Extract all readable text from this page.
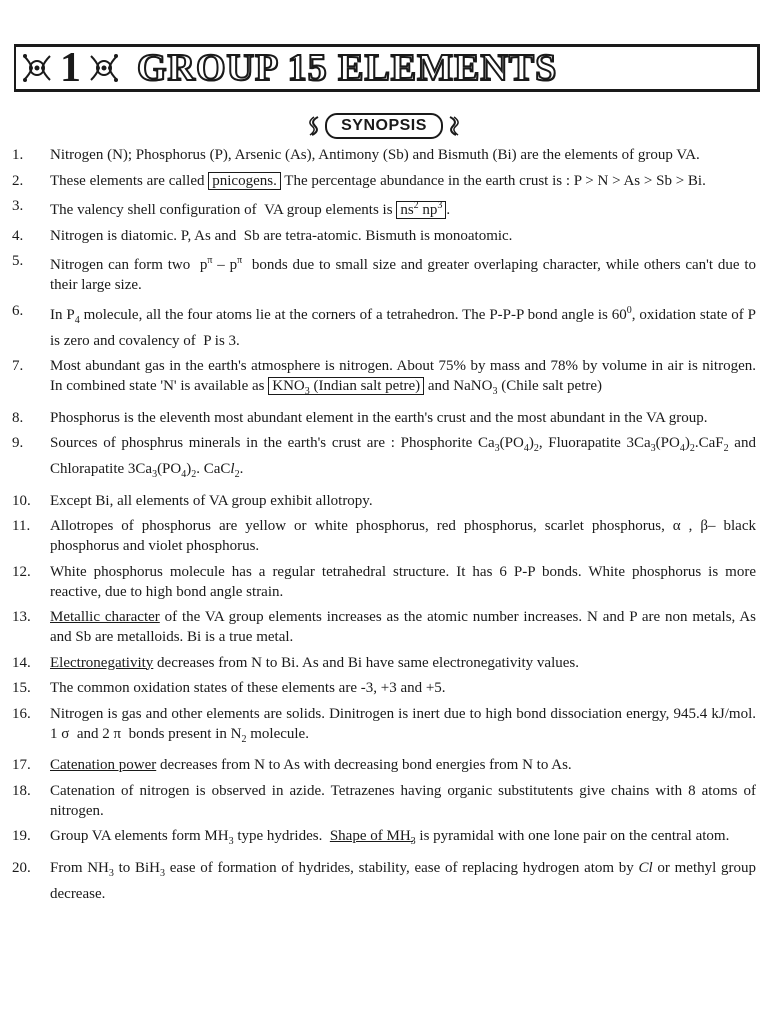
1 GROUP 15 ELEMENTS
SYNOPSIS
1.	Nitrogen (N); Phosphorus (P), Arsenic (As), Antimony (Sb) and Bismuth (Bi) are the elements of group VA.
2.	These elements are called pnicogens. The percentage abundance in the earth crust is : P > N > As > Sb > Bi.
3.	The valency shell configuration of  VA group elements is $ns^2$ $np^3$ .
4.	Nitrogen is diatomic. P, As and  Sb are tetra-atomic. Bismuth is monoatomic.
5.	Nitrogen can form two  $p^\pi - p^\pi$  bonds due to small size and greater overlaping character, while others can't due to their large size.
6.	In $P_4$ molecule, all the four atoms lie at the corners of a tetrahedron. The P-P-P bond angle is $60^0$, oxidation state of P is zero and covalency of  P is 3.
7.	Most abundant gas in the earth's atmosphere is nitrogen. About 75% by mass and 78% by volume in air is nitrogen. In combined state 'N' is available as $KNO_3$ (Indian salt petre) and NaNO$_3$ (Chile salt petre)
8.	Phosphorus is the eleventh most abundant element in the earth's crust and the most abundant in the VA group.
9.	Sources of phosphrus minerals in the earth's crust are : Phosphorite $Ca_3(PO_4)_2$, Fluorapatite $3Ca_3(PO_4)_2.CaF_2$ and Chlorapatite $3Ca_3(PO_4)_2$. CaCl$_2$.
10.	Except Bi, all elements of VA group exhibit allotropy.
11.	Allotropes of phosphorus are yellow or white phosphorus, red phosphorus, scarlet phosphorus, α , β– black phosphorus and violet phosphorus.
12.	White phosphorus molecule has a regular tetrahedral structure. It has 6 P-P bonds. White phosphorus is more reactive, due to high bond angle strain.
13.	Metallic character of the VA group elements increases as the atomic number increases. N and P are non metals, As and Sb are metalloids. Bi is a true metal.
14.	Electronegativity decreases from N to Bi. As and Bi have same electronegativity values.
15.	The common oxidation states of these elements are -3, +3 and +5.
16.	Nitrogen is gas and other elements are solids. Dinitrogen is inert due to high bond dissociation energy, 945.4 kJ/mol. 1 σ  and 2 π  bonds present in $N_2$ molecule.
17.	Catenation power decreases from N to As with decreasing bond energies from N to As.
18.	Catenation of nitrogen is observed in azide. Tetrazenes having organic substitutents give chains with 8 atoms of nitrogen.
19.	Group VA elements form $MH_3$ type hydrides.  Shape of $MH_3$ is pyramidal with one lone pair on the central atom.
20.	From $NH_3$ to BiH$_3$ ease of formation of hydrides, stability, ease of replacing hydrogen atom by Cl or methyl group decrease.
